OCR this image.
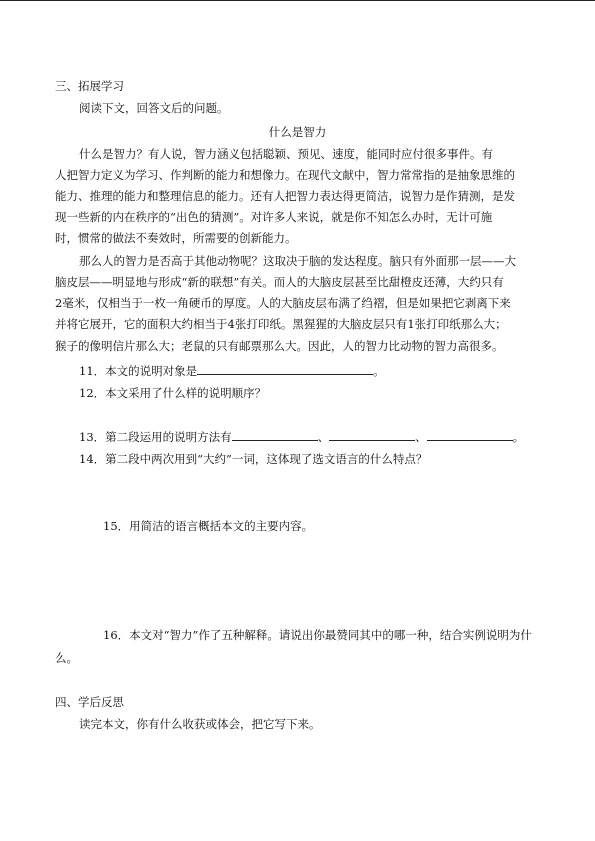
三、拓展学习

阅读下文，回答文后的问题。

什么是智力

什么是智力？有人说，智力涵义包括聪颖、预见、速度，能同时应付很多事件。有

人把智力定义为学习、作判断的能力和想像力。在现代文献中，智力常常指的是抽象思维的

能力、推理的能力和整理信息的能力。还有人把智力表达得更简洁，说智力是作猜测，是发

现一些新的内在秩序的“出色的猜测”。对许多人来说，就是你不知怎么办时，无计可施

时，惯常的做法不奏效时，所需要的创新能力。

那么人的智力是否高于其他动物呢？这取决于脑的发达程度。脑只有外面那一层——大

脑皮层——明显地与形成“新的联想”有关。而人的大脑皮层甚至比甜橙皮还薄，大约只有

2毫米，仅相当于一枚一角硬币的厚度。人的大脑皮层布满了绉褶，但是如果把它剥离下来

并将它展开，它的面积大约相当于4张打印纸。黑猩猩的大脑皮层只有1张打印纸那么大；

猴子的像明信片那么大；老鼠的只有邮票那么大。因此，人的智力比动物的智力高很多。

11．本文的说明对象是	。

12．本文采用了什么样的说明顺序？

13．第二段运用的说明方法有	、	、	。

14．第二段中两次用到“大约”一词，这体现了选文语言的什么特点？

15．用简洁的语言概括本文的主要内容。

16．本文对“智力”作了五种解释。请说出你最赞同其中的哪一种，结合实例说明为什

么。

四、学后反思

读完本文，你有什么收获或体会，把它写下来。
